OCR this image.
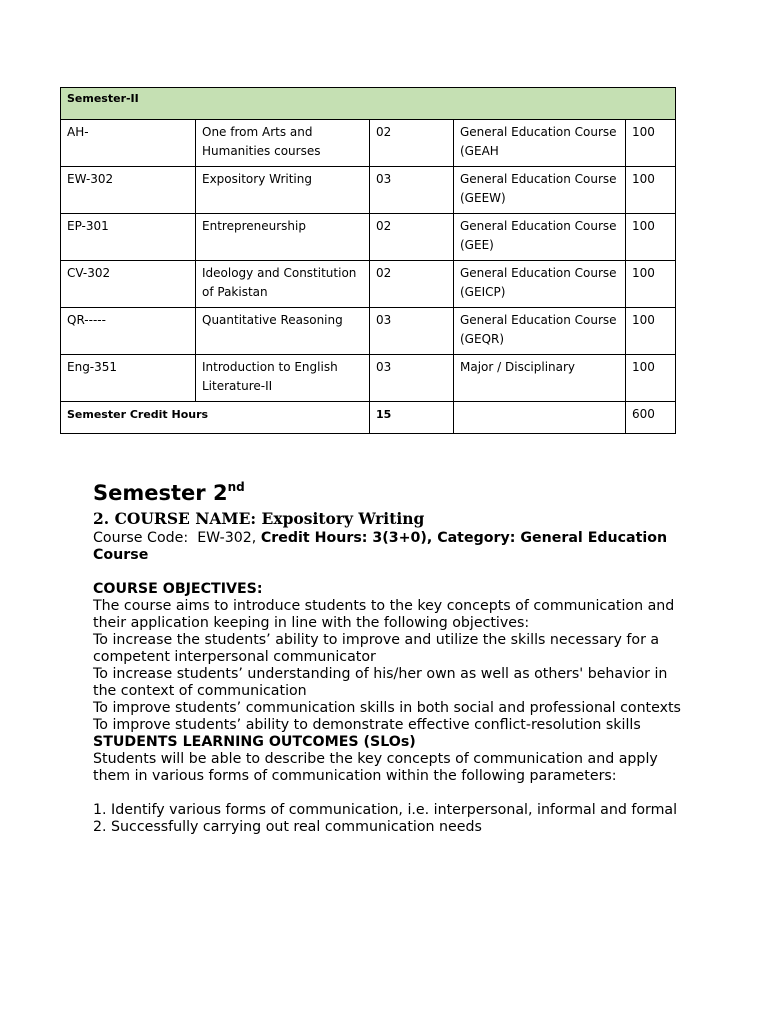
Semester-II				
AH-	One from Arts and Humanities courses	02	General Education Course (GEAH	100
EW-302	Expository Writing	03	General Education Course (GEEW)	100
EP-301	Entrepreneurship	02	General Education Course (GEE)	100
CV-302	Ideology and Constitution of Pakistan	02	General Education Course (GEICP)	100
QR-----	Quantitative Reasoning	03	General Education Course (GEQR)	100
Eng-351	Introduction to English Literature-II	03	Major / Disciplinary	100
Semester Credit Hours		15		600
Semester 2nd
2. COURSE NAME: Expository Writing

Course Code: EW-302, Credit Hours: 3(3+0), Category: General Education Course

COURSE OBJECTIVES:

The course aims to introduce students to the key concepts of communication and their application keeping in line with the following objectives:

To increase the students’ ability to improve and utilize the skills necessary for a competent interpersonal communicator

To increase students’ understanding of his/her own as well as others' behavior in the context of communication

To improve students’ communication skills in both social and professional contexts

To improve students’ ability to demonstrate effective conflict-resolution skills

STUDENTS LEARNING OUTCOMES (SLOs)

Students will be able to describe the key concepts of communication and apply them in various forms of communication within the following parameters:

1. Identify various forms of communication, i.e. interpersonal, informal and formal

2. Successfully carrying out real communication needs
